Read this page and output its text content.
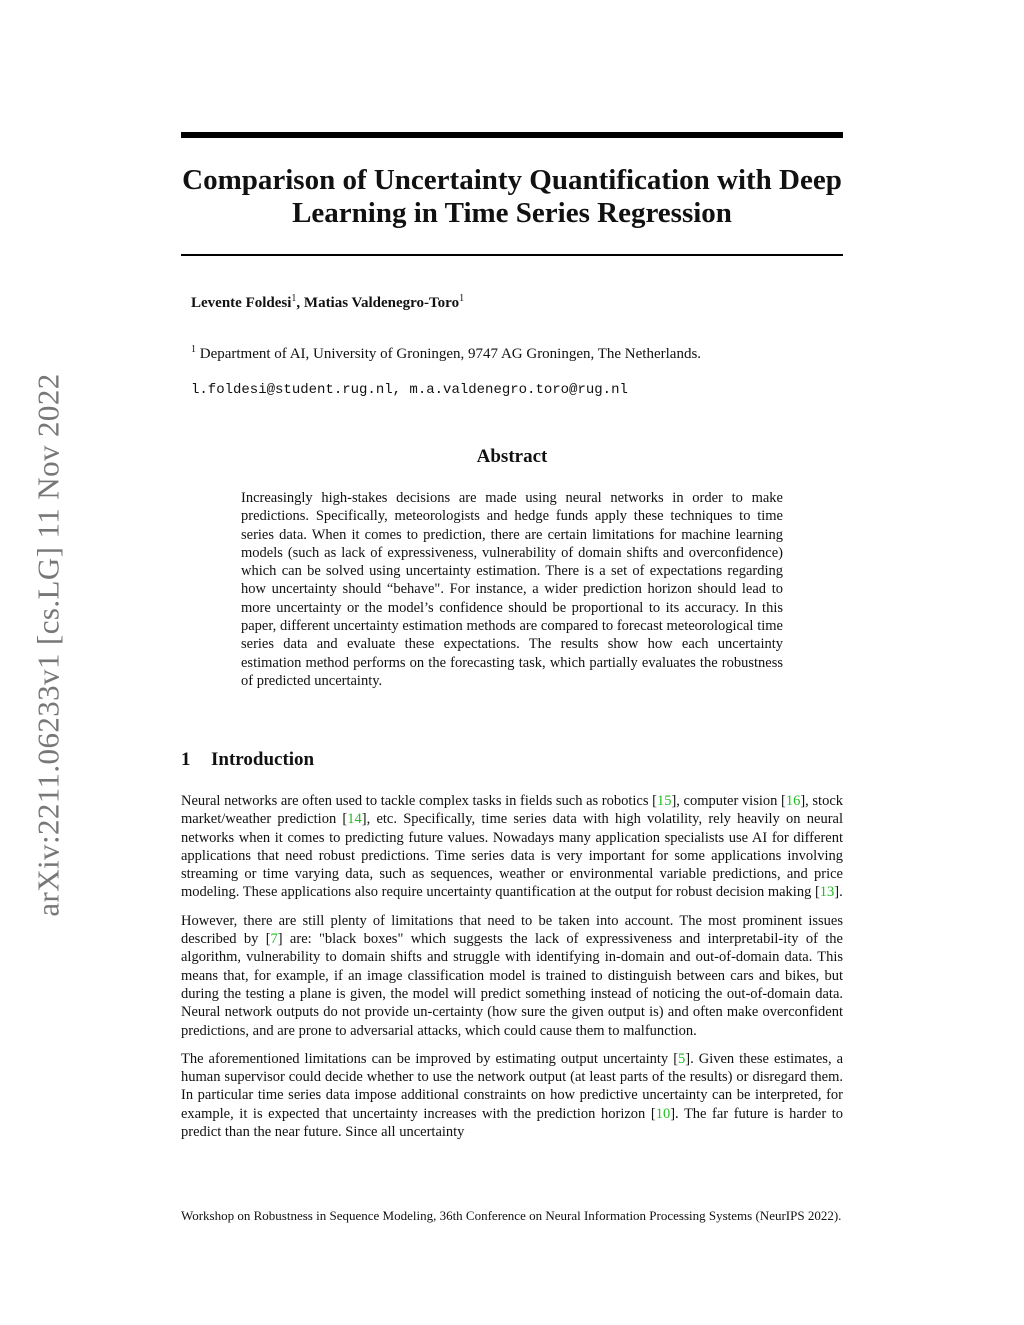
arXiv:2211.06233v1 [cs.LG] 11 Nov 2022
Comparison of Uncertainty Quantification with Deep Learning in Time Series Regression
Levente Foldesi$^1$, Matias Valdenegro-Toro$^1$
$^1$ Department of AI, University of Groningen, 9747 AG Groningen, The Netherlands.
l.foldesi@student.rug.nl, m.a.valdenegro.toro@rug.nl
Abstract
Increasingly high-stakes decisions are made using neural networks in order to make predictions. Specifically, meteorologists and hedge funds apply these techniques to time series data. When it comes to prediction, there are certain limitations for machine learning models (such as lack of expressiveness, vulnerability of domain shifts and overconfidence) which can be solved using uncertainty estimation. There is a set of expectations regarding how uncertainty should “behave". For instance, a wider prediction horizon should lead to more uncertainty or the model’s confidence should be proportional to its accuracy. In this paper, different uncertainty estimation methods are compared to forecast meteorological time series data and evaluate these expectations. The results show how each uncertainty estimation method performs on the forecasting task, which partially evaluates the robustness of predicted uncertainty.
1 Introduction

Neural networks are often used to tackle complex tasks in fields such as robotics [15], computer vision [16], stock market/weather prediction [14], etc. Specifically, time series data with high volatility, rely heavily on neural networks when it comes to predicting future values. Nowadays many application specialists use AI for different applications that need robust predictions. Time series data is very important for some applications involving streaming or time varying data, such as sequences, weather or environmental variable predictions, and price modeling. These applications also require uncertainty quantification at the output for robust decision making [13].

However, there are still plenty of limitations that need to be taken into account. The most prominent issues described by [7] are: "black boxes" which suggests the lack of expressiveness and interpretabil-ity of the algorithm, vulnerability to domain shifts and struggle with identifying in-domain and out-of-domain data. This means that, for example, if an image classification model is trained to distinguish between cars and bikes, but during the testing a plane is given, the model will predict something instead of noticing the out-of-domain data. Neural network outputs do not provide un-certainty (how sure the given output is) and often make overconfident predictions, and are prone to adversarial attacks, which could cause them to malfunction.

The aforementioned limitations can be improved by estimating output uncertainty [5]. Given these estimates, a human supervisor could decide whether to use the network output (at least parts of the results) or disregard them. In particular time series data impose additional constraints on how predictive uncertainty can be interpreted, for example, it is expected that uncertainty increases with the prediction horizon [10]. The far future is harder to predict than the near future. Since all uncertainty

Workshop on Robustness in Sequence Modeling, 36th Conference on Neural Information Processing Systems (NeurIPS 2022).
